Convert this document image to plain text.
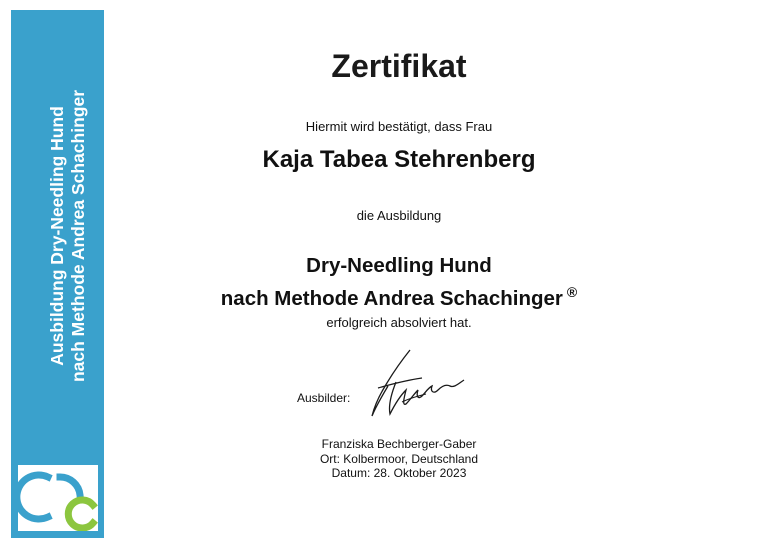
Ausbildung Dry-Needling Hund nach Methode Andrea Schachinger
Zertifikat
Hiermit wird bestätigt, dass Frau
Kaja Tabea Stehrenberg
die Ausbildung
Dry-Needling Hund
nach Methode Andrea Schachinger ®
erfolgreich absolviert hat.
Ausbilder:
Franziska Bechberger-Gaber
Ort: Kolbermoor, Deutschland
Datum: 28. Oktober 2023
